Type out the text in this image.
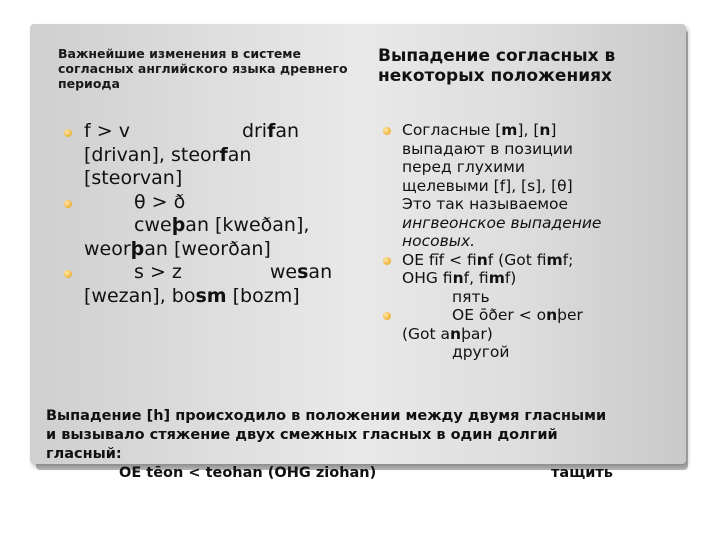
Важнейшие изменения в системе согласных английского языка древнего периода
Выпадение согласных в некоторых положениях
f > v	drifan
[drivan], steorfan
[steorvan]
θ > ð
cweþan [kweðan],
weorþan [weorðan]
s > z	wesan
[wezan], bosm [bozm]
Согласные [m], [n]
выпадают в позиции
перед глухими
щелевыми [f], [s], [θ]
Это так называемое
ингвеонское выпадение
носовых.
OE fīf < finf (Got fimf;
OHG finf, fimf)
пять
OE ōðer < onþer
(Got anþar)
другой
Выпадение [h] происходило в положении между двумя гласными
и вызывало стяжение двух смежных гласных в один долгий
гласный:
OE tēon < teohan (OHG ziohan)	тащить
